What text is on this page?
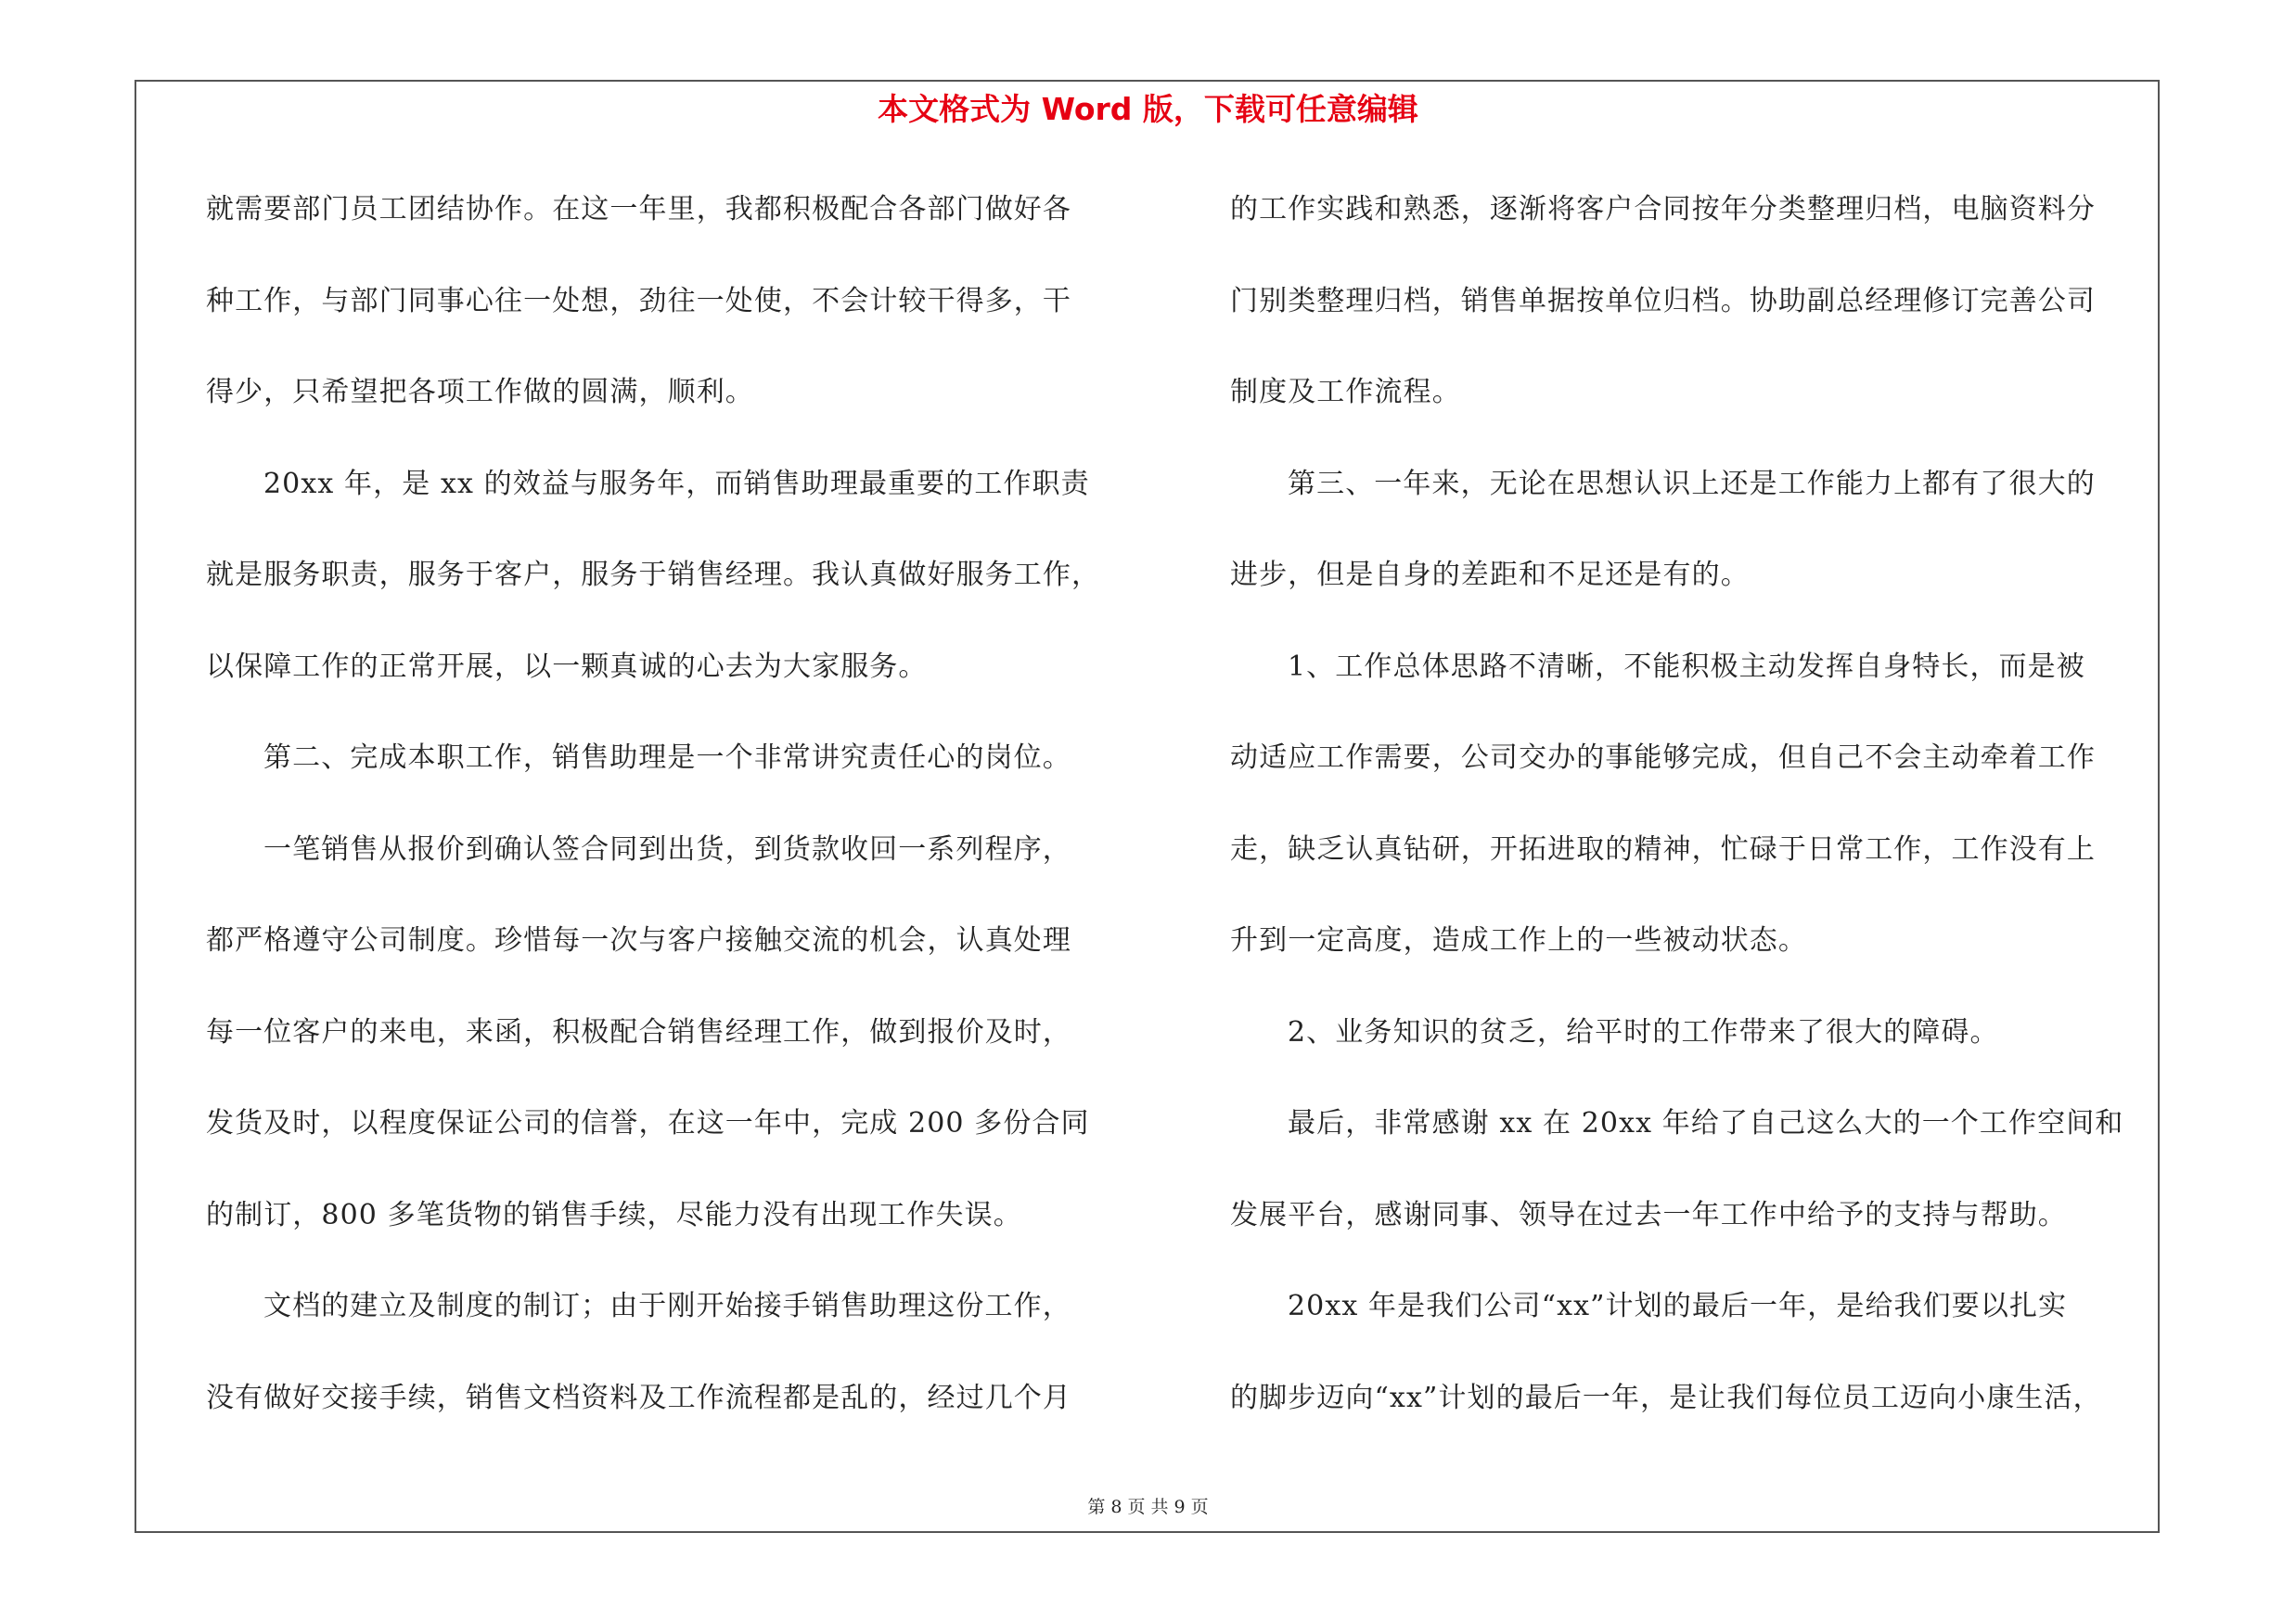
本文格式为 Word 版，下载可任意编辑
就需要部门员工团结协作。在这一年里，我都积极配合各部门做好各
种工作，与部门同事心往一处想，劲往一处使，不会计较干得多，干
得少，只希望把各项工作做的圆满，顺利。
20xx 年，是 xx 的效益与服务年，而销售助理最重要的工作职责
就是服务职责，服务于客户，服务于销售经理。我认真做好服务工作，
以保障工作的正常开展，以一颗真诚的心去为大家服务。
第二、完成本职工作，销售助理是一个非常讲究责任心的岗位。
一笔销售从报价到确认签合同到出货，到货款收回一系列程序，
都严格遵守公司制度。珍惜每一次与客户接触交流的机会，认真处理
每一位客户的来电，来函，积极配合销售经理工作，做到报价及时，
发货及时，以程度保证公司的信誉，在这一年中，完成 200 多份合同
的制订，800 多笔货物的销售手续，尽能力没有出现工作失误。
文档的建立及制度的制订；由于刚开始接手销售助理这份工作，
没有做好交接手续，销售文档资料及工作流程都是乱的，经过几个月
的工作实践和熟悉，逐渐将客户合同按年分类整理归档，电脑资料分
门别类整理归档，销售单据按单位归档。协助副总经理修订完善公司
制度及工作流程。
第三、一年来，无论在思想认识上还是工作能力上都有了很大的
进步，但是自身的差距和不足还是有的。
1、工作总体思路不清晰，不能积极主动发挥自身特长，而是被
动适应工作需要，公司交办的事能够完成，但自己不会主动牵着工作
走，缺乏认真钻研，开拓进取的精神，忙碌于日常工作，工作没有上
升到一定高度，造成工作上的一些被动状态。
2、业务知识的贫乏，给平时的工作带来了很大的障碍。
最后，非常感谢 xx 在 20xx 年给了自己这么大的一个工作空间和
发展平台，感谢同事、领导在过去一年工作中给予的支持与帮助。
20xx 年是我们公司“xx”计划的最后一年，是给我们要以扎实
的脚步迈向“xx”计划的最后一年，是让我们每位员工迈向小康生活，
第 8 页 共 9 页
